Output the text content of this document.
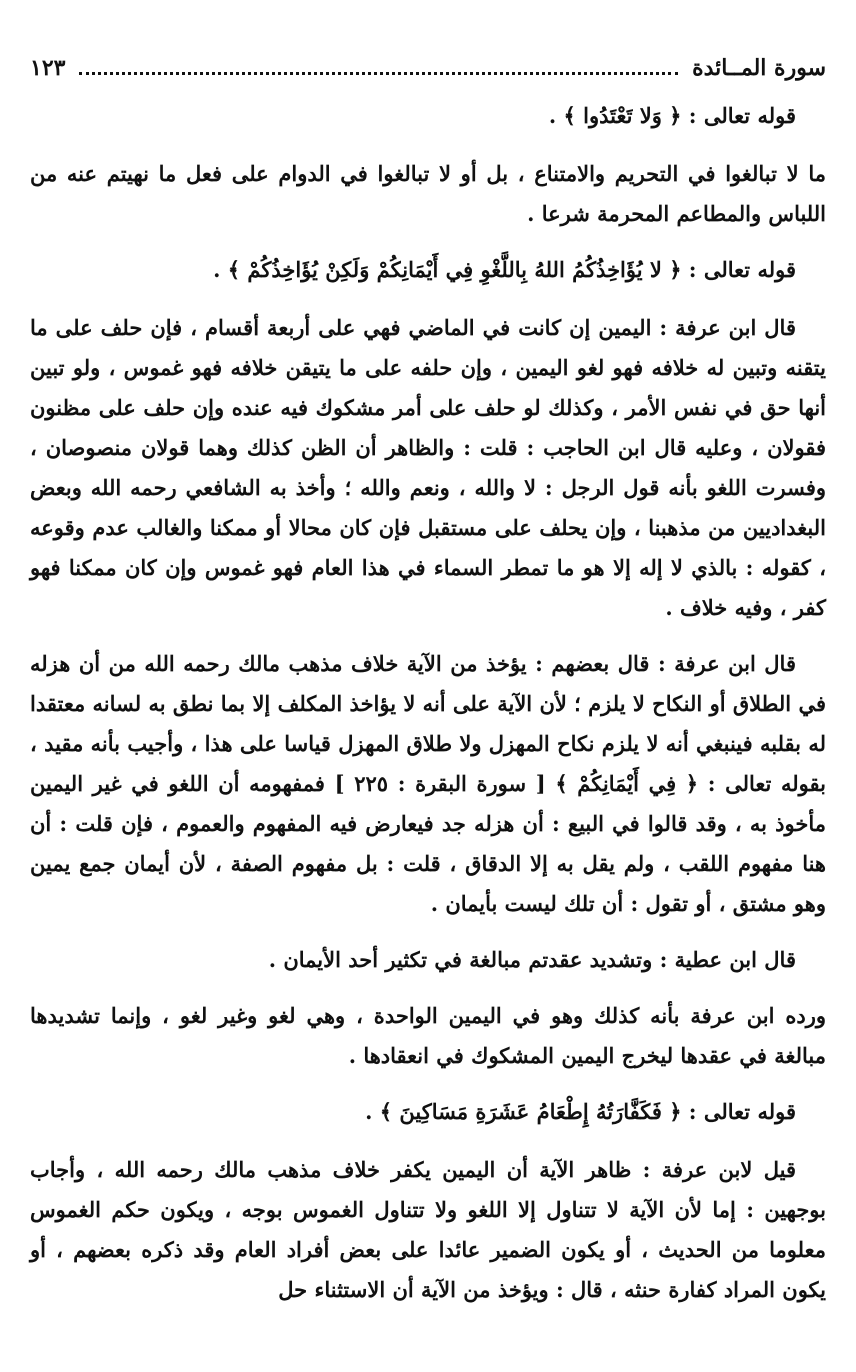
سورة المــائدة
١٢٣

قوله تعالى : ﴿ وَلا تَعْتَدُوا ﴾ .

ما لا تبالغوا في التحريم والامتناع ، بل أو لا تبالغوا في الدوام على فعل ما نهيتم عنه من اللباس والمطاعم المحرمة شرعا .

قوله تعالى : ﴿ لا يُؤَاخِذُكُمُ اللهُ بِاللَّغْوِ فِي أَيْمَانِكُمْ وَلَكِنْ يُؤَاخِذُكُمْ ﴾ .

قال ابن عرفة : اليمين إن كانت في الماضي فهي على أربعة أقسام ، فإن حلف على ما يتقنه وتبين له خلافه فهو لغو اليمين ، وإن حلفه على ما يتيقن خلافه فهو غموس ، ولو تبين أنها حق في نفس الأمر ، وكذلك لو حلف على أمر مشكوك فيه عنده وإن حلف على مظنون فقولان ، وعليه قال ابن الحاجب : قلت : والظاهر أن الظن كذلك وهما قولان منصوصان ، وفسرت اللغو بأنه قول الرجل : لا والله ، ونعم والله ؛ وأخذ به الشافعي رحمه الله وبعض البغداديين من مذهبنا ، وإن يحلف على مستقبل فإن كان محالا أو ممكنا والغالب عدم وقوعه ، كقوله : بالذي لا إله إلا هو ما تمطر السماء في هذا العام فهو غموس وإن كان ممكنا فهو كفر ، وفيه خلاف .

قال ابن عرفة : قال بعضهم : يؤخذ من الآية خلاف مذهب مالك رحمه الله من أن هزله في الطلاق أو النكاح لا يلزم ؛ لأن الآية على أنه لا يؤاخذ المكلف إلا بما نطق به لسانه معتقدا له بقلبه فينبغي أنه لا يلزم نكاح المهزل ولا طلاق المهزل قياسا على هذا ، وأجيب بأنه مقيد ، بقوله تعالى : ﴿ فِي أَيْمَانِكُمْ ﴾ [ سورة البقرة : ٢٢٥ ] فمفهومه أن اللغو في غير اليمين مأخوذ به ، وقد قالوا في البيع : أن هزله جد فيعارض فيه المفهوم والعموم ، فإن قلت : أن هنا مفهوم اللقب ، ولم يقل به إلا الدقاق ، قلت : بل مفهوم الصفة ، لأن أيمان جمع يمين وهو مشتق ، أو تقول : أن تلك ليست بأيمان .

قال ابن عطية : وتشديد عقدتم مبالغة في تكثير أحد الأيمان .

ورده ابن عرفة بأنه كذلك وهو في اليمين الواحدة ، وهي لغو وغير لغو ، وإنما تشديدها مبالغة في عقدها ليخرج اليمين المشكوك في انعقادها .

قوله تعالى : ﴿ فَكَفَّارَتُهُ إِطْعَامُ عَشَرَةِ مَسَاكِينَ ﴾ .

قيل لابن عرفة : ظاهر الآية أن اليمين يكفر خلاف مذهب مالك رحمه الله ، وأجاب بوجهين : إما لأن الآية لا تتناول إلا اللغو ولا تتناول الغموس بوجه ، ويكون حكم الغموس معلوما من الحديث ، أو يكون الضمير عائدا على بعض أفراد العام وقد ذكره بعضهم ، أو يكون المراد كفارة حنثه ، قال : ويؤخذ من الآية أن الاستثناء حل
